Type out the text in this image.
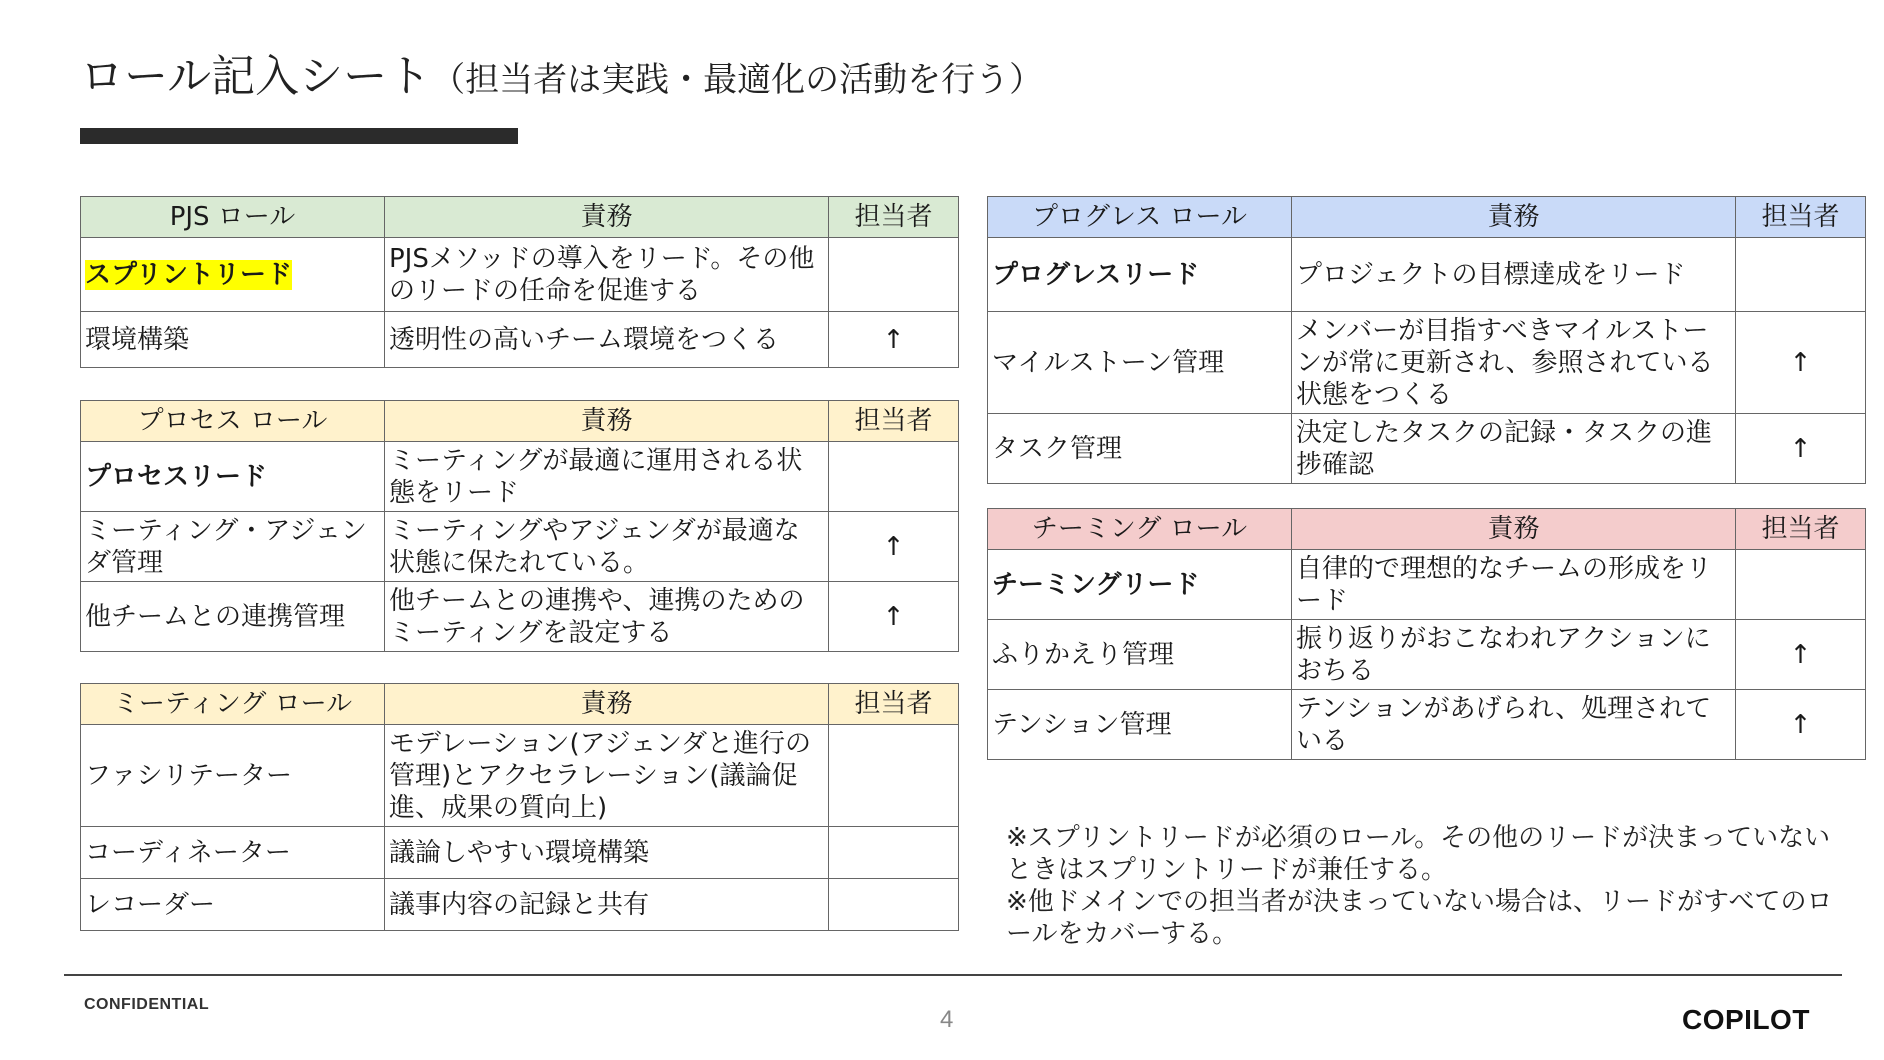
ロール記入シート（担当者は実践・最適化の活動を行う）
PJS ロール	責務	担当者
スプリントリード	PJSメソッドの導入をリード。その他のリードの任命を促進する	
環境構築	透明性の高いチーム環境をつくる	↑
プロセス ロール	責務	担当者
プロセスリード	ミーティングが最適に運用される状態をリード	
ミーティング・アジェンダ管理	ミーティングやアジェンダが最適な状態に保たれている。	↑
他チームとの連携管理	他チームとの連携や、連携のためのミーティングを設定する	↑
ミーティング ロール	責務	担当者
ファシリテーター	モデレーション(アジェンダと進行の管理)とアクセラレーション(議論促進、成果の質向上)	
コーディネーター	議論しやすい環境構築	
レコーダー	議事内容の記録と共有	
プログレス ロール	責務	担当者
プログレスリード	プロジェクトの目標達成をリード	
マイルストーン管理	メンバーが目指すべきマイルストーンが常に更新され、参照されている状態をつくる	↑
タスク管理	決定したタスクの記録・タスクの進捗確認	↑
チーミング ロール	責務	担当者
チーミングリード	自律的で理想的なチームの形成をリード	
ふりかえり管理	振り返りがおこなわれアクションにおちる	↑
テンション管理	テンションがあげられ、処理されている	↑
※スプリントリードが必須のロール。その他のリードが決まっていないときはスプリントリードが兼任する。
※他ドメインでの担当者が決まっていない場合は、リードがすべてのロールをカバーする。
CONFIDENTIAL
4	COPILOT
